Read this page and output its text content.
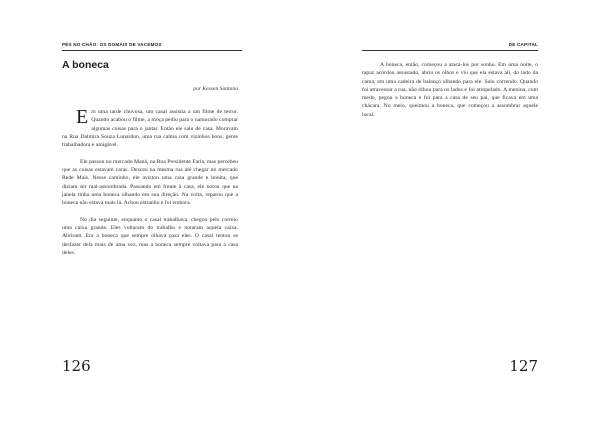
PÉS NO CHÃO: OS DOMAIS DE VACEMOS
A boneca
por Kessen Santana

Em uma tarde chuvosa, um casal assistia a um filme de terror. Quando acabou o filme, a moça pediu para o namorado comprar algumas coisas para o jantar. Então ele saiu de casa. Moravam na Rua Dalmira Souza Lunardon, uma rua calma com vizinhos bons, gente trabalhadora e amigável.

Ele passou no mercado Maná, na Rua Presidente Faria, mas percebeu que as coisas estavam caras. Desceu na mesma rua até chegar no mercado Rede Mais. Nesse caminho, ele avistou uma casa grande e bonita, que diziam ser mal-assombrada. Passando em frente à casa, ele notou que na janela tinha uma boneca olhando em sua direção. Na volta, reparou que a boneca não estava mais lá. Achou estranho e foi embora.

No dia seguinte, enquanto o casal trabalhava, chegou pelo correio uma caixa grande. Eles voltaram do trabalho e notaram aquela caixa. Abriram. Era a boneca que sempre olhava para eles. O casal tentou se desfazer dela mais de uma vez, mas a boneca sempre voltava para a casa deles.

126
DE CAPITAL

A boneca, então, começou a atacá-los por sonho. Em uma noite, o rapaz acordou assustado, abriu os olhos e viu que ela estava ali, do lado da cama, em uma cadeira de balanço olhando para ele. Saiu correndo. Quando foi atravessar a rua, não olhou para os lados e foi atropelado. A menina, com medo, pegou a boneca e foi para a casa de seu pai, que ficava em uma chácara. No meio, queimou a boneca, que começou a assombrar aquele local.

127
